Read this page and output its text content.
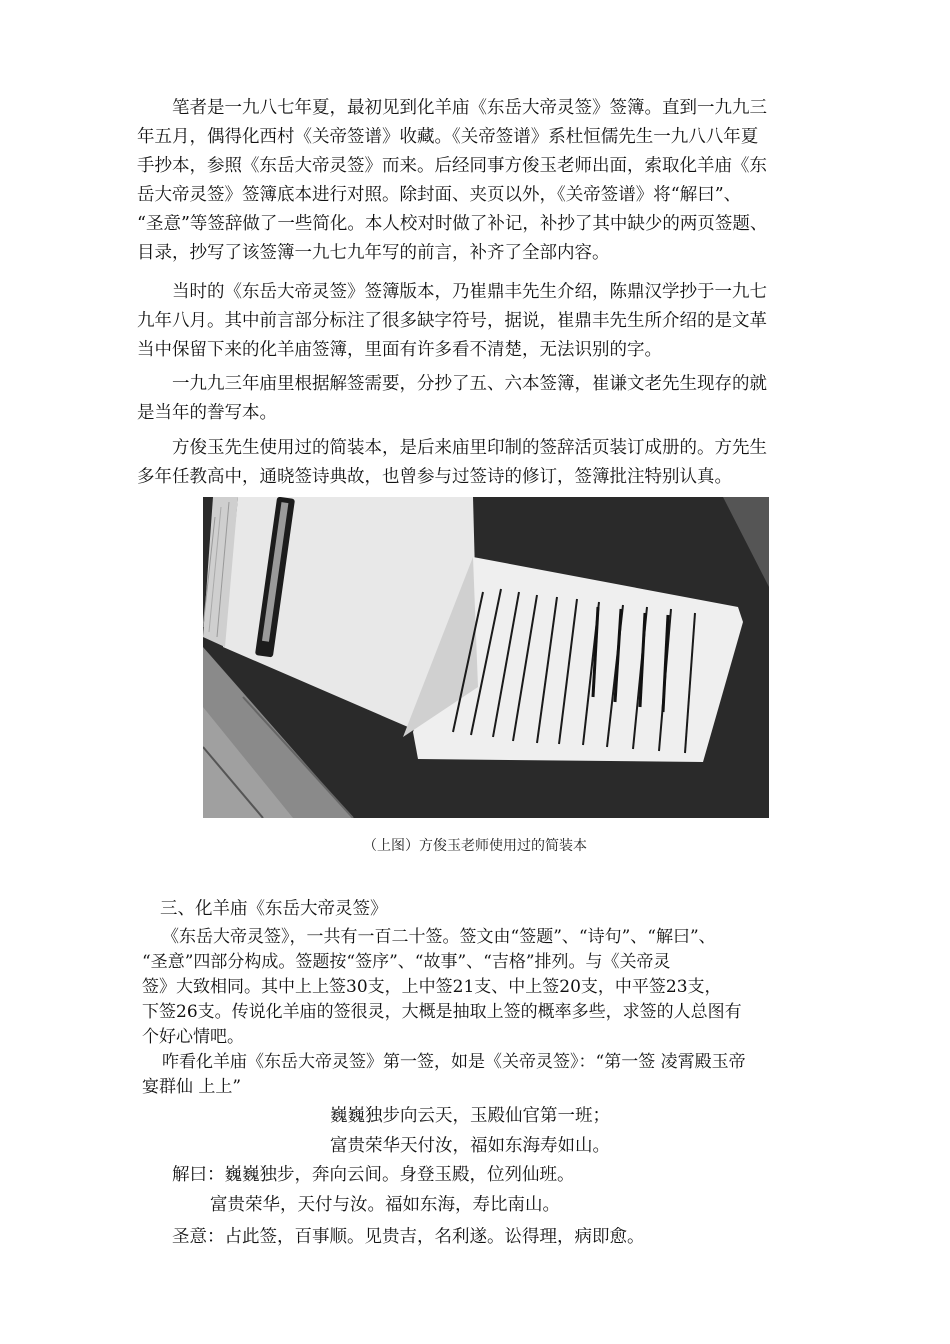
笔者是一九八七年夏，最初见到化羊庙《东岳大帝灵签》签簿。直到一九九三
年五月，偶得化西村《关帝签谱》收藏。《关帝签谱》系杜恒儒先生一九八八年夏
手抄本，参照《东岳大帝灵签》而来。后经同事方俊玉老师出面，索取化羊庙《东
岳大帝灵签》签簿底本进行对照。除封面、夹页以外，《关帝签谱》将“解曰”、
“圣意”等签辞做了一些简化。本人校对时做了补记，补抄了其中缺少的两页签题、
目录，抄写了该签簿一九七九年写的前言，补齐了全部内容。

当时的《东岳大帝灵签》签簿版本，乃崔鼎丰先生介绍，陈鼎汉学抄于一九七
九年八月。其中前言部分标注了很多缺字符号，据说，崔鼎丰先生所介绍的是文革
当中保留下来的化羊庙签簿，里面有许多看不清楚，无法识别的字。

一九九三年庙里根据解签需要，分抄了五、六本签簿，崔谦文老先生现存的就
是当年的誊写本。

方俊玉先生使用过的简装本，是后来庙里印制的签辞活页装订成册的。方先生
多年任教高中，通晓签诗典故，也曾参与过签诗的修订，签簿批注特别认真。

（上图）方俊玉老师使用过的简装本
三、化羊庙《东岳大帝灵签》

《东岳大帝灵签》，一共有一百二十签。签文由“签题”、“诗句”、“解曰”、
“圣意”四部分构成。签题按“签序”、“故事”、“吉格”排列。与《关帝灵
签》大致相同。其中上上签30支，上中签21支、中上签20支，中平签23支，
下签26支。传说化羊庙的签很灵，大概是抽取上签的概率多些，求签的人总图有
个好心情吧。

咋看化羊庙《东岳大帝灵签》第一签，如是《关帝灵签》：“第一签 凌霄殿玉帝
宴群仙 上上”

巍巍独步向云天，玉殿仙官第一班；
富贵荣华天付汝，福如东海寿如山。
解曰：巍巍独步，奔向云间。身登玉殿，位列仙班。
富贵荣华，天付与汝。福如东海，寿比南山。
圣意：占此签，百事顺。见贵吉，名利遂。讼得理，病即愈。
